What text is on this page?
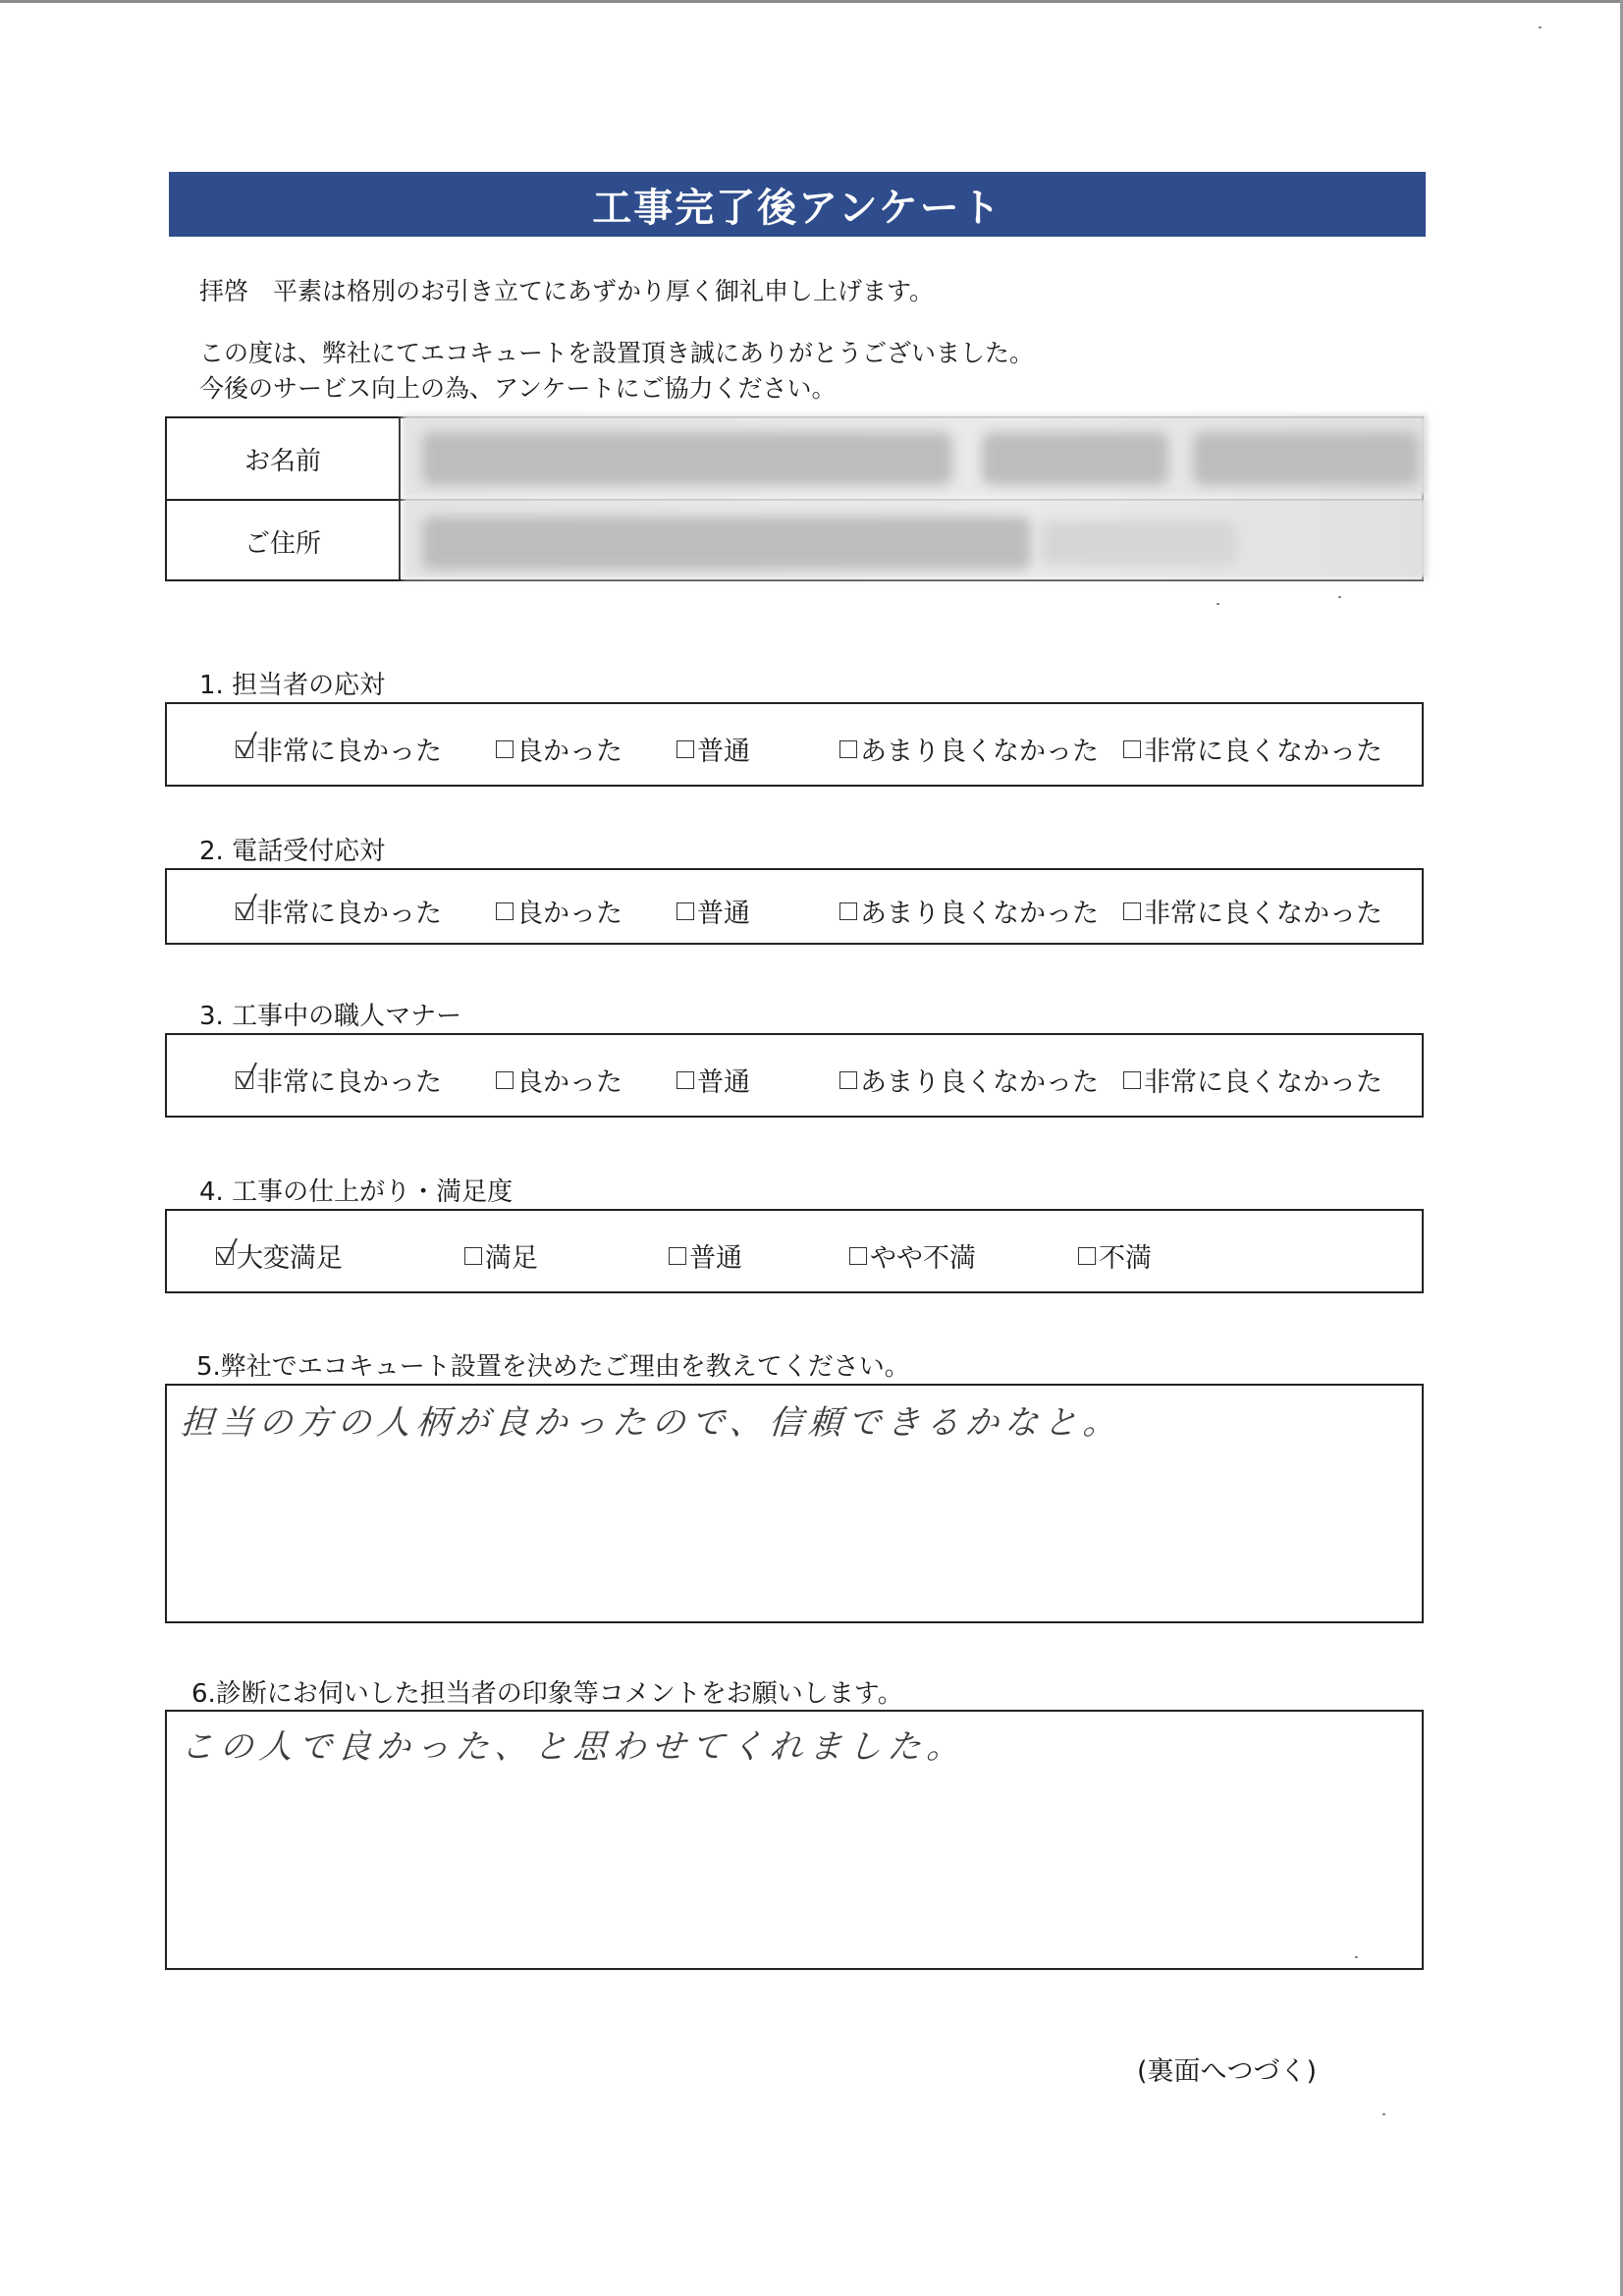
工事完了後アンケート
拝啓　平素は格別のお引き立てにあずかり厚く御礼申し上げます。
この度は、弊社にてエコキュートを設置頂き誠にありがとうございました。
今後のサービス向上の為、アンケートにご協力ください。
お名前
ご住所
1. 担当者の応対
非常に良かった	良かった	普通	あまり良くなかった 非常に良くなかった
2. 電話受付応対
非常に良かった	良かった	普通	あまり良くなかった 非常に良くなかった
3. 工事中の職人マナー
非常に良かった	良かった	普通	あまり良くなかった 非常に良くなかった
4. 工事の仕上がり・満足度
大変満足	満足	普通	やや不満	不満
5.弊社でエコキュート設置を決めたご理由を教えてください。
担当の方の人柄が良かったので、信頼できるかなと。
6.診断にお伺いした担当者の印象等コメントをお願いします。
この人で良かった、と思わせてくれました。
(裏面へつづく)
